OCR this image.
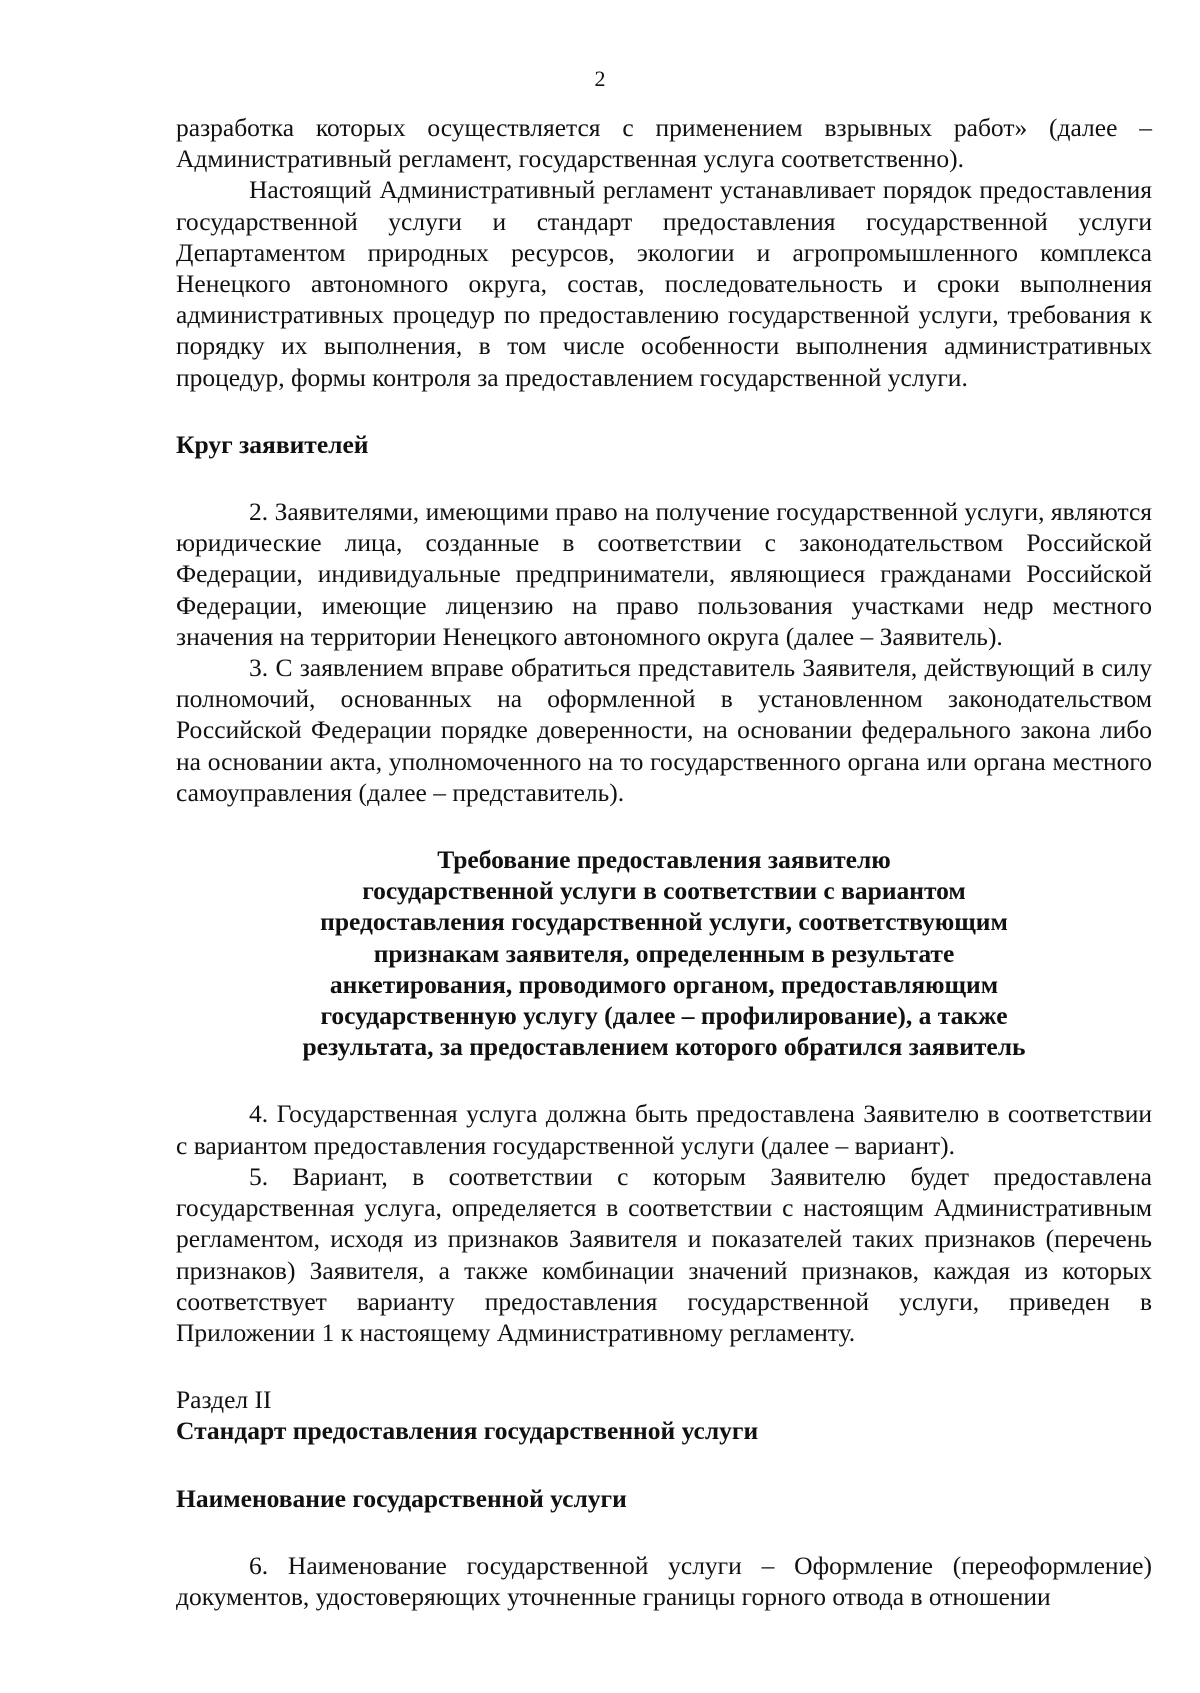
2

разработка которых осуществляется с применением взрывных работ» (далее – Административный регламент, государственная услуга соответственно).

Настоящий Административный регламент устанавливает порядок предоставления государственной услуги и стандарт предоставления государственной услуги Департаментом природных ресурсов, экологии и агропромышленного комплекса Ненецкого автономного округа, состав, последовательность и сроки выполнения административных процедур по предоставлению государственной услуги, требования к порядку их выполнения, в том числе особенности выполнения административных процедур, формы контроля за предоставлением государственной услуги.

Круг заявителей

2. Заявителями, имеющими право на получение государственной услуги, являются юридические лица, созданные в соответствии с законодательством Российской Федерации, индивидуальные предприниматели, являющиеся гражданами Российской Федерации, имеющие лицензию на право пользования участками недр местного значения на территории Ненецкого автономного округа (далее – Заявитель).

3. С заявлением вправе обратиться представитель Заявителя, действующий в силу полномочий, основанных на оформленной в установленном законодательством Российской Федерации порядке доверенности, на основании федерального закона либо на основании акта, уполномоченного на то государственного органа или органа местного самоуправления (далее – представитель).

Требование предоставления заявителю
государственной услуги в соответствии с вариантом
предоставления государственной услуги, соответствующим
признакам заявителя, определенным в результате
анкетирования, проводимого органом, предоставляющим
государственную услугу (далее – профилирование), а также
результата, за предоставлением которого обратился заявитель

4. Государственная услуга должна быть предоставлена Заявителю в соответствии с вариантом предоставления государственной услуги (далее – вариант).

5. Вариант, в соответствии с которым Заявителю будет предоставлена государственная услуга, определяется в соответствии с настоящим Административным регламентом, исходя из признаков Заявителя и показателей таких признаков (перечень признаков) Заявителя, а также комбинации значений признаков, каждая из которых соответствует варианту предоставления государственной услуги, приведен в Приложении 1 к настоящему Административному регламенту.

Раздел II

Стандарт предоставления государственной услуги

Наименование государственной услуги

6. Наименование государственной услуги – Оформление (переоформление) документов, удостоверяющих уточненные границы горного отвода в отношении
